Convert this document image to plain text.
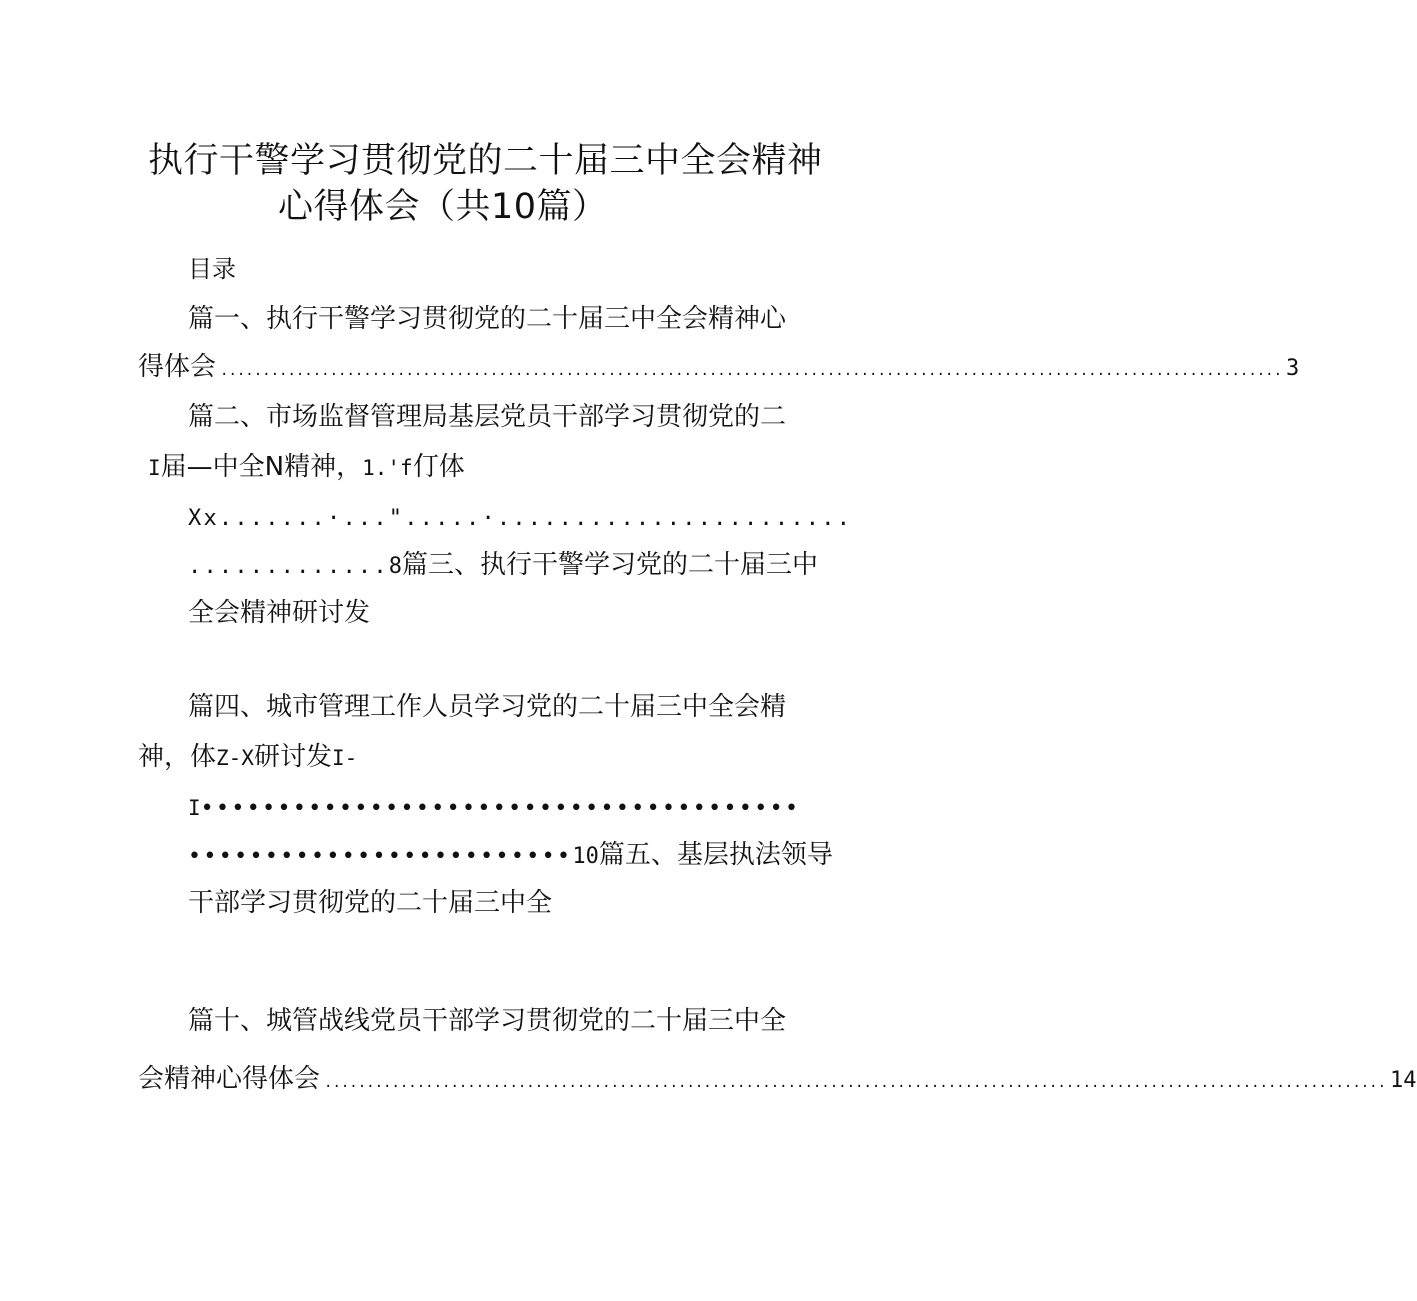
执行干警学习贯彻党的二十届三中全会精神
心得体会（共10篇）
目录
篇一、执行干警学习贯彻党的二十届三中全会精神心
得体会 .............................................................................................................................. 3
篇二、市场监督管理局基层党员干部学习贯彻党的二
I届—中全N精神，1.'f仃体
Xx.......·...".....·.......................
.............8篇三、执行干警学习党的二十届三中
全会精神研讨发
篇四、城市管理工作人员学习党的二十届三中全会精
神，体Z-X研讨发I-
I•••••••••••••••••••••••••••••••••••••••
•••••••••••••••••••••••••10篇五、基层执法领导
干部学习贯彻党的二十届三中全
篇十、城管战线党员干部学习贯彻党的二十届三中全
会精神心得体会 .............................................................................................................................. 14
